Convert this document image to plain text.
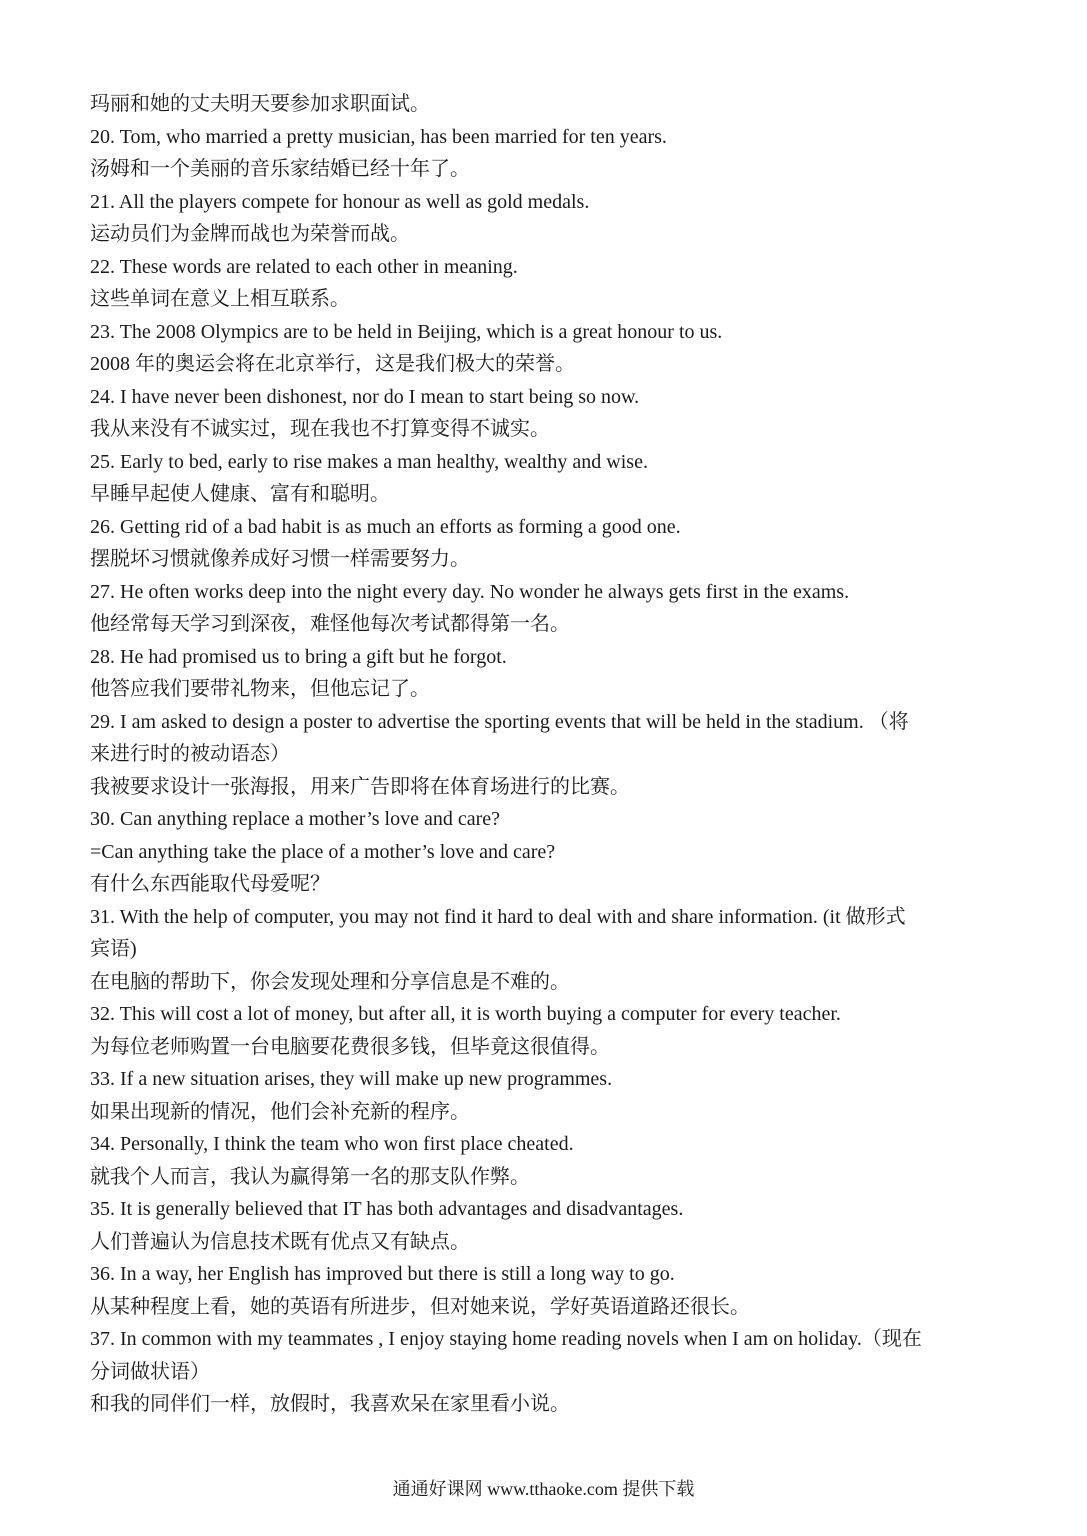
玛丽和她的丈夫明天要参加求职面试。
20. Tom, who married a pretty musician, has been married for ten years.
汤姆和一个美丽的音乐家结婚已经十年了。
21. All the players compete for honour as well as gold medals.
运动员们为金牌而战也为荣誉而战。
22. These words are related to each other in meaning.
这些单词在意义上相互联系。
23. The 2008 Olympics are to be held in Beijing, which is a great honour to us.
2008 年的奥运会将在北京举行，这是我们极大的荣誉。
24. I have never been dishonest, nor do I mean to start being so now.
我从来没有不诚实过，现在我也不打算变得不诚实。
25. Early to bed, early to rise makes a man healthy, wealthy and wise.
早睡早起使人健康、富有和聪明。
26. Getting rid of a bad habit is as much an efforts as forming a good one.
摆脱坏习惯就像养成好习惯一样需要努力。
27. He often works deep into the night every day. No wonder he always gets first in the exams.
他经常每天学习到深夜，难怪他每次考试都得第一名。
28. He had promised us to bring a gift but he forgot.
他答应我们要带礼物来，但他忘记了。
29. I am asked to design a poster to advertise the sporting events that will be held in the stadium. （将
来进行时的被动语态）
我被要求设计一张海报，用来广告即将在体育场进行的比赛。
30. Can anything replace a mother’s love and care?
=Can anything take the place of a mother’s love and care?
有什么东西能取代母爱呢？
31. With the help of computer, you may not find it hard to deal with and share information. (it 做形式
宾语)
在电脑的帮助下，你会发现处理和分享信息是不难的。
32. This will cost a lot of money, but after all, it is worth buying a computer for every teacher.
为每位老师购置一台电脑要花费很多钱，但毕竟这很值得。
33. If a new situation arises, they will make up new programmes.
如果出现新的情况，他们会补充新的程序。
34. Personally, I think the team who won first place cheated.
就我个人而言，我认为赢得第一名的那支队作弊。
35. It is generally believed that IT has both advantages and disadvantages.
人们普遍认为信息技术既有优点又有缺点。
36. In a way, her English has improved but there is still a long way to go.
从某种程度上看，她的英语有所进步，但对她来说，学好英语道路还很长。
37. In common with my teammates , I enjoy staying home reading novels when I am on holiday.（现在
分词做状语）
和我的同伴们一样，放假时，我喜欢呆在家里看小说。
通通好课网 www.tthaoke.com 提供下载
